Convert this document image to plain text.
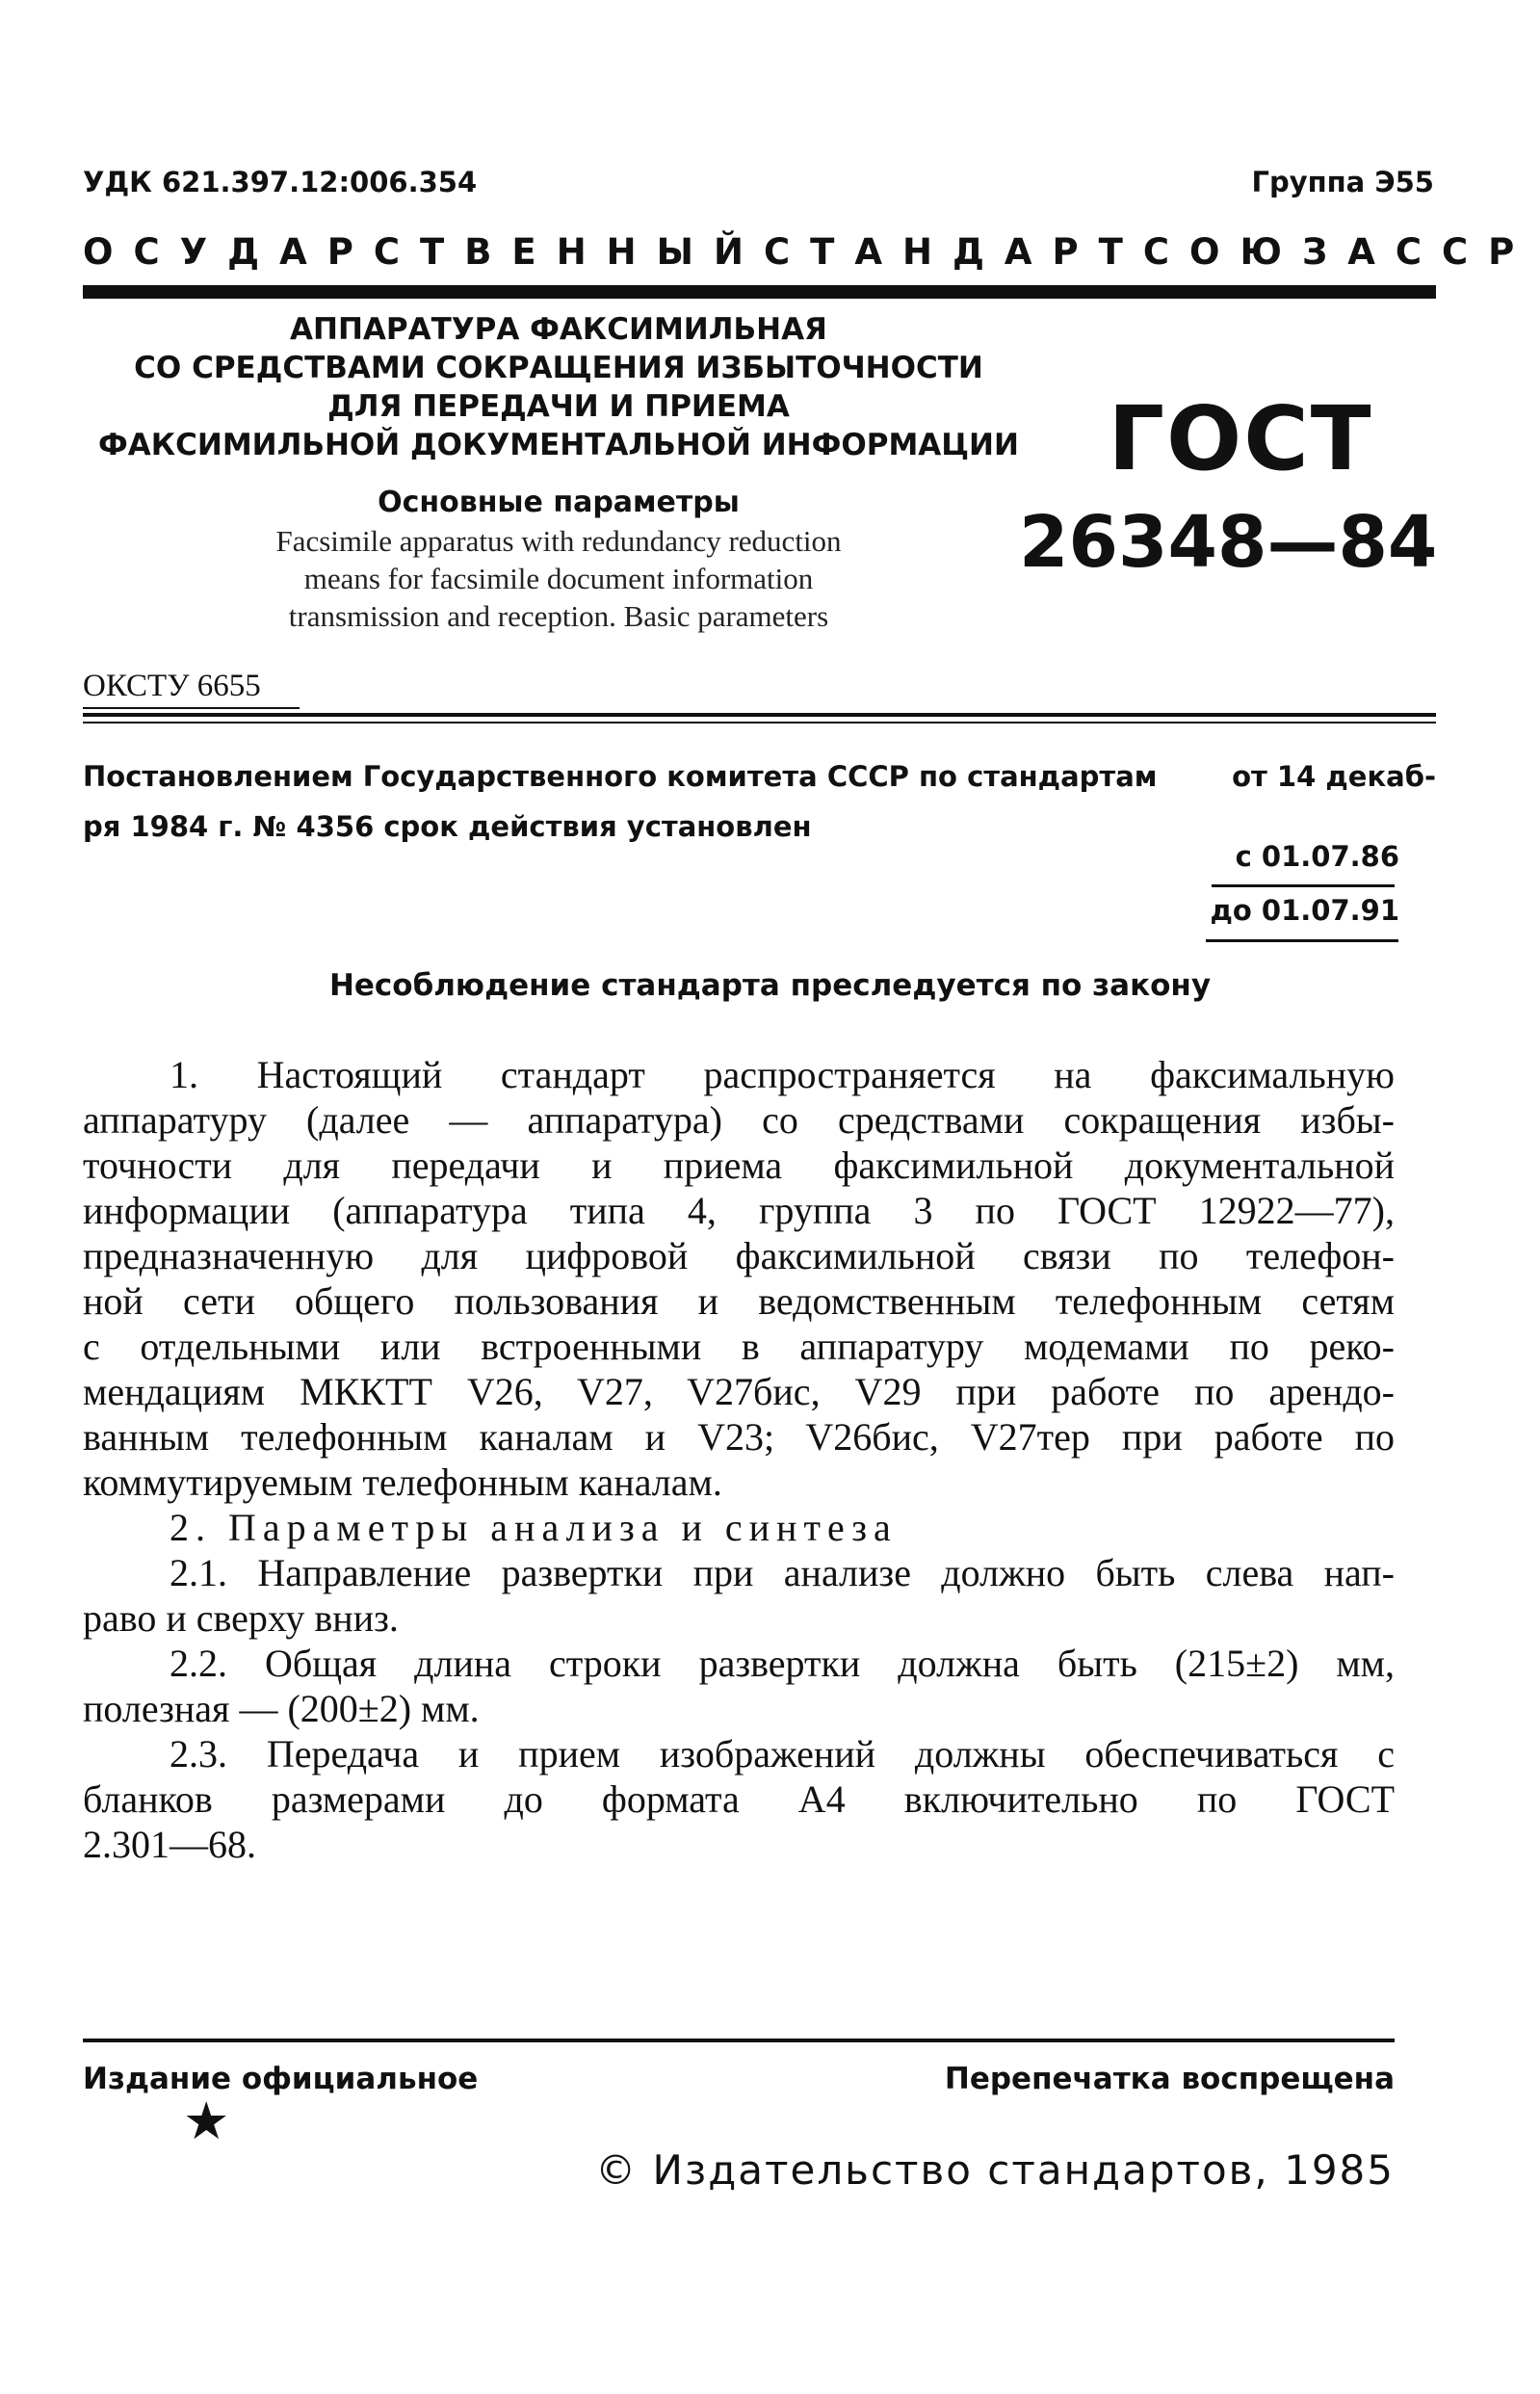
УДК 621.397.12:006.354	Группа Э55
ОСУДАРСТВЕННЫЙ СТАНДАРТ СОЮЗА ССР
АППАРАТУРА ФАКСИМИЛЬНАЯ
СО СРЕДСТВАМИ СОКРАЩЕНИЯ ИЗБЫТОЧНОСТИ
ДЛЯ ПЕРЕДАЧИ И ПРИЕМА
ФАКСИМИЛЬНОЙ ДОКУМЕНТАЛЬНОЙ ИНФОРМАЦИИ
Основные параметры
Facsimile apparatus with redundancy reduction
means for facsimile document information
transmission and reception. Basic parameters
ГОСТ
26348—84
ОКСТУ 6655
Постановлением Государственного комитета СССР по стандартам	от 14 декаб-
ря 1984 г. № 4356 срок действия установлен
с 01.07.86
до 01.07.91
Несоблюдение стандарта преследуется по закону

1. Настоящий стандарт распространяется на факсимальную

аппаратуру (далее — аппаратура) со средствами сокращения избы-

точности для передачи и приема факсимильной документальной

информации (аппаратура типа 4, группа 3 по ГОСТ 12922—77),

предназначенную для цифровой факсимильной связи по телефон-

ной сети общего пользования и ведомственным телефонным сетям

с отдельными или встроенными в аппаратуру модемами по реко-

мендациям МККТТ V26, V27, V27бис, V29 при работе по арендо-

ванным телефонным каналам и V23; V26бис, V27тер при работе по

коммутируемым телефонным каналам.

2. Параметры анализа и синтеза

2.1. Направление развертки при анализе должно быть слева нап-

раво и сверху вниз.

2.2. Общая длина строки развертки должна быть (215±2) мм,

полезная — (200±2) мм.

2.3. Передача и прием изображений должны обеспечиваться с

бланков размерами до формата А4 включительно по ГОСТ

2.301—68.

Издание официальное	Перепечатка воспрещена
★
© Издательство стандартов, 1985
